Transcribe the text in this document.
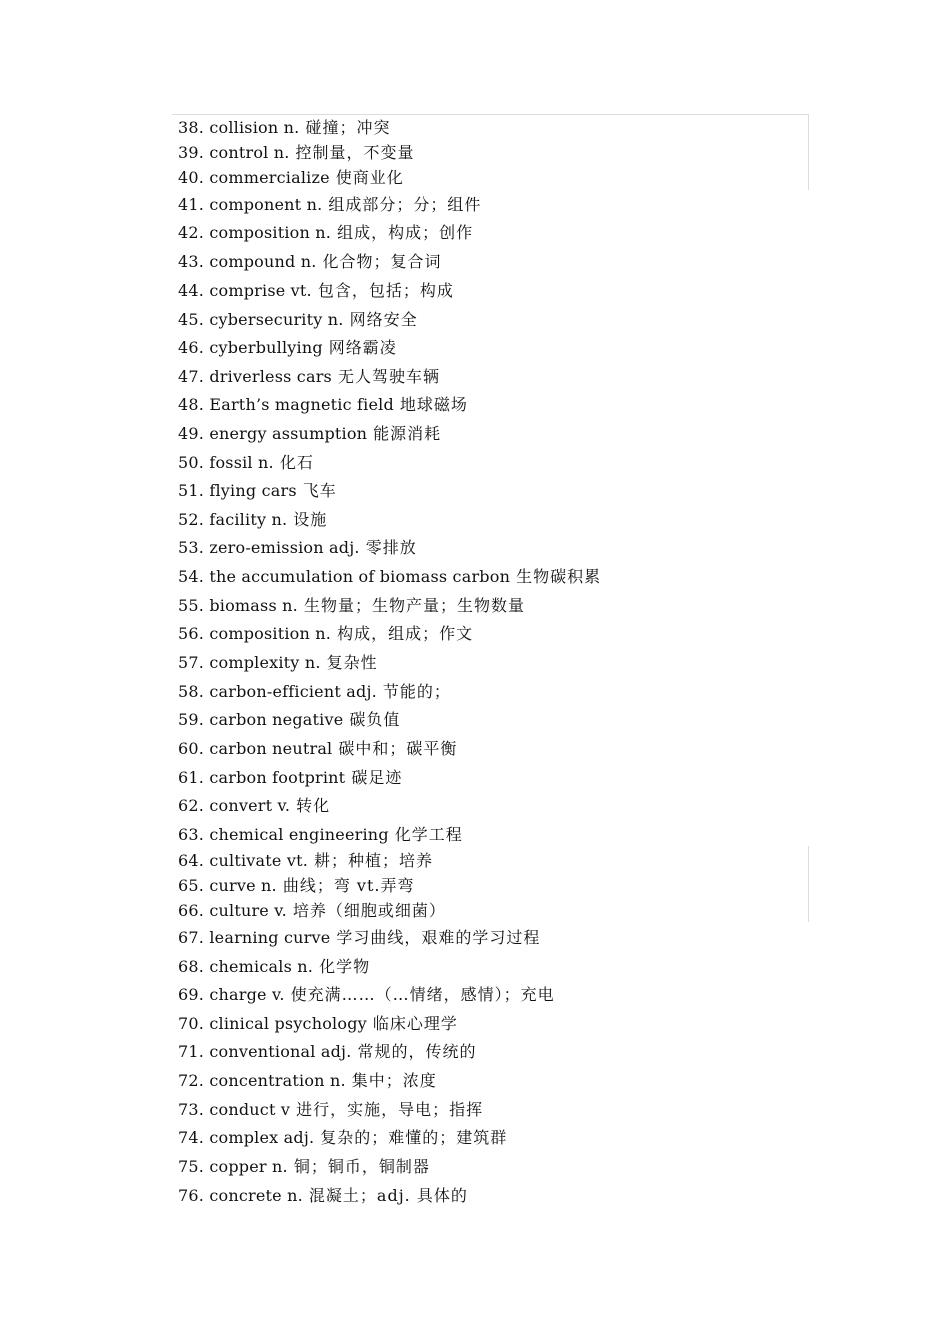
38. collision n. 碰撞；冲突
39. control n. 控制量，不变量
40. commercialize 使商业化
41. component n. 组成部分；分；组件
42. composition n. 组成，构成；创作
43. compound n. 化合物；复合词
44. comprise vt. 包含，包括；构成
45. cybersecurity n. 网络安全
46. cyberbullying 网络霸凌
47. driverless cars 无人驾驶车辆
48. Earth’s magnetic field 地球磁场
49. energy assumption 能源消耗
50. fossil n. 化石
51. flying cars 飞车
52. facility n. 设施
53. zero-emission adj. 零排放
54. the accumulation of biomass carbon 生物碳积累
55. biomass n. 生物量；生物产量；生物数量
56. composition n. 构成，组成；作文
57. complexity n. 复杂性
58. carbon-efficient adj. 节能的；
59. carbon negative 碳负值
60. carbon neutral 碳中和；碳平衡
61. carbon footprint 碳足迹
62. convert v. 转化
63. chemical engineering 化学工程
64. cultivate vt. 耕；种植；培养
65. curve n. 曲线；弯 vt.弄弯
66. culture v. 培养（细胞或细菌）
67. learning curve 学习曲线，艰难的学习过程
68. chemicals n. 化学物
69. charge v. 使充满……（…情绪，感情）；充电
70. clinical psychology 临床心理学
71. conventional adj. 常规的，传统的
72. concentration n. 集中；浓度
73. conduct v 进行，实施，导电；指挥
74. complex adj. 复杂的；难懂的；建筑群
75. copper n. 铜；铜币，铜制器
76. concrete n. 混凝土；adj. 具体的
